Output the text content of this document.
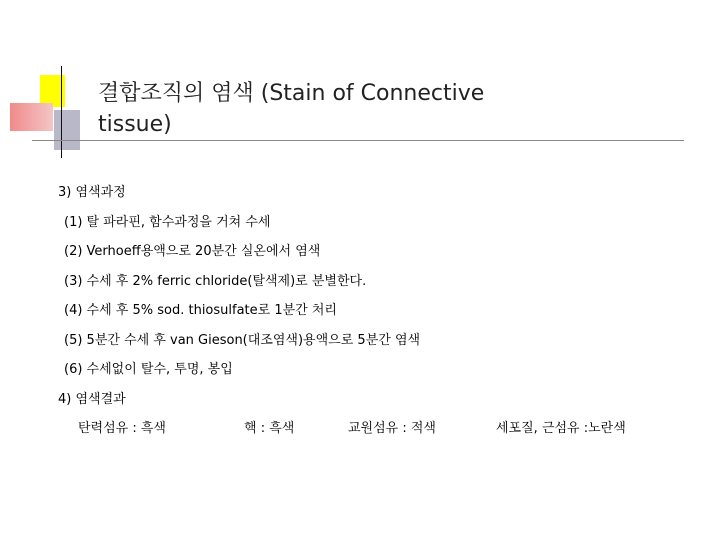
결합조직의 염색 (Stain of Connective
tissue)
3) 염색과정
(1) 탈 파라핀, 함수과정을 거쳐 수세
(2) Verhoeff용액으로 20분간 실온에서 염색
(3) 수세 후 2% ferric chloride(탈색제)로 분별한다.
(4) 수세 후 5% sod. thiosulfate로 1분간 처리
(5) 5분간 수세 후 van Gieson(대조염색)용액으로 5분간 염색
(6) 수세없이 탈수, 투명, 봉입
4) 염색결과
탄력섬유 : 흑색	핵 : 흑색	교원섬유 : 적색	세포질, 근섬유 :노란색
